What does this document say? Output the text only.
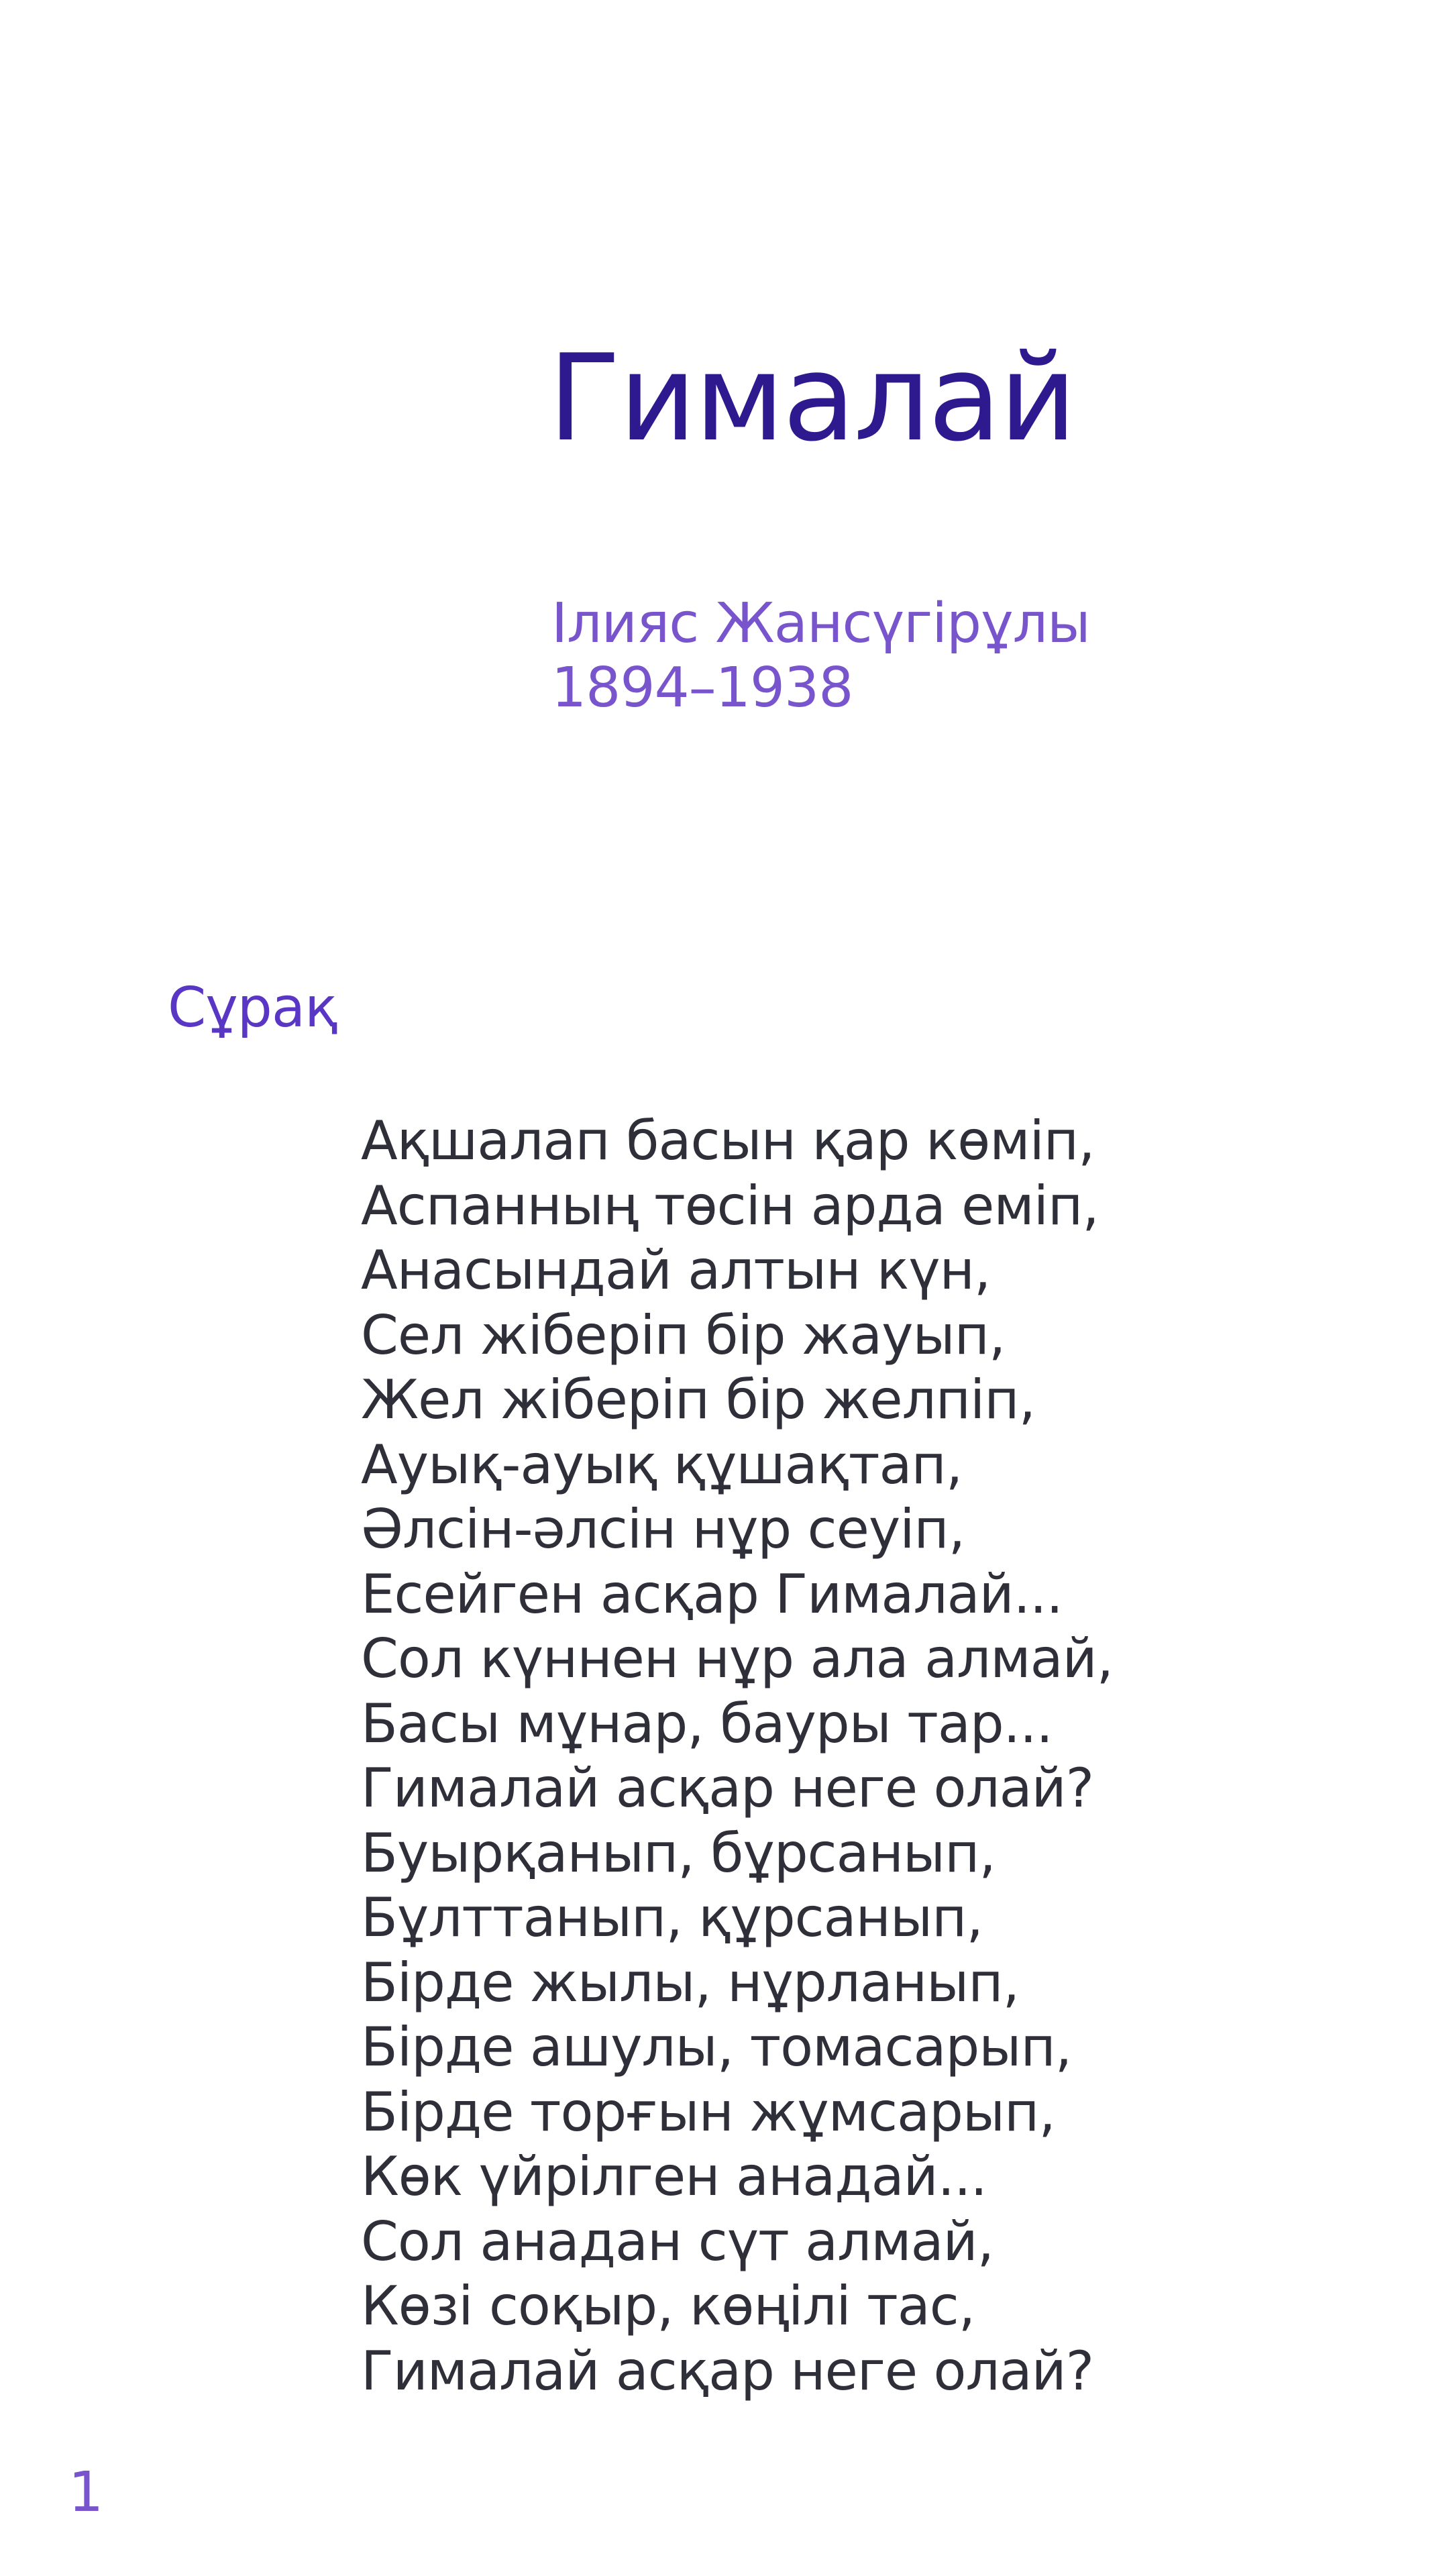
Гималай
Ілияс Жансүгірұлы
1894–1938
Сұрақ
Ақшалап басын қар көміп,
Аспанның төсін арда еміп,
Анасындай алтын күн,
Сел жіберіп бір жауып,
Жел жіберіп бір желпіп,
Ауық-ауық құшақтап,
Әлсін-әлсін нұр сеуіп,
Есейген асқар Гималай...
Сол күннен нұр ала алмай,
Басы мұнар, бауры тар...
Гималай асқар неге олай?
Буырқанып, бұрсанып,
Бұлттанып, құрсанып,
Бірде жылы, нұрланып,
Бірде ашулы, томасарып,
Бірде торғын жұмсарып,
Көк үйрілген анадай...
Сол анадан сүт алмай,
Көзі соқыр, көңілі тас,
Гималай асқар неге олай?
1
